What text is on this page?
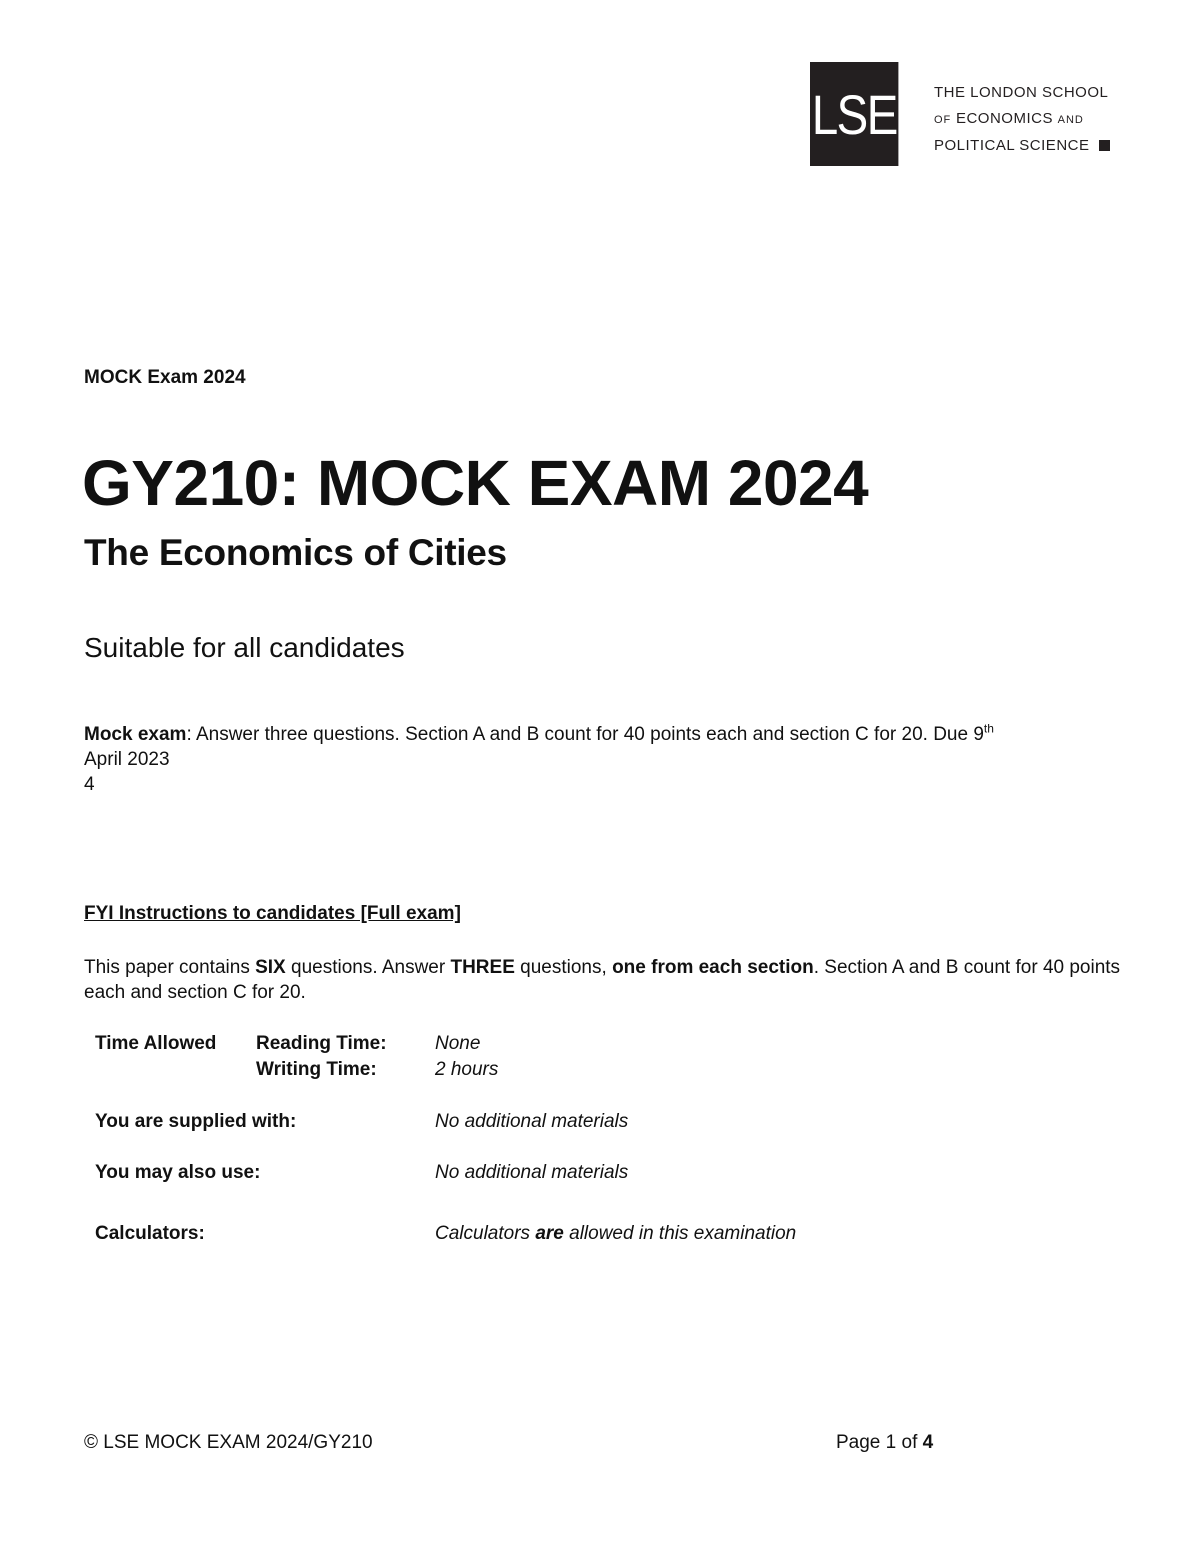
LSE THE LONDON SCHOOL
OF ECONOMICS AND
POLITICAL SCIENCE
MOCK Exam 2024
GY210: MOCK EXAM 2024
The Economics of Cities
Suitable for all candidates
Mock exam: Answer three questions. Section A and B count for 40 points each and section C for 20. Due 9th
April 2023
4
FYI Instructions to candidates [Full exam]
This paper contains SIX questions. Answer THREE questions, one from each section. Section A and B count for 40 points each and section C for 20.
Time Allowed Reading Time:	None
Writing Time:	2 hours
You are supplied with:	No additional materials
You may also use:	No additional materials
Calculators:	Calculators are allowed in this examination
© LSE MOCK EXAM 2024/GY210	Page 1 of 4
